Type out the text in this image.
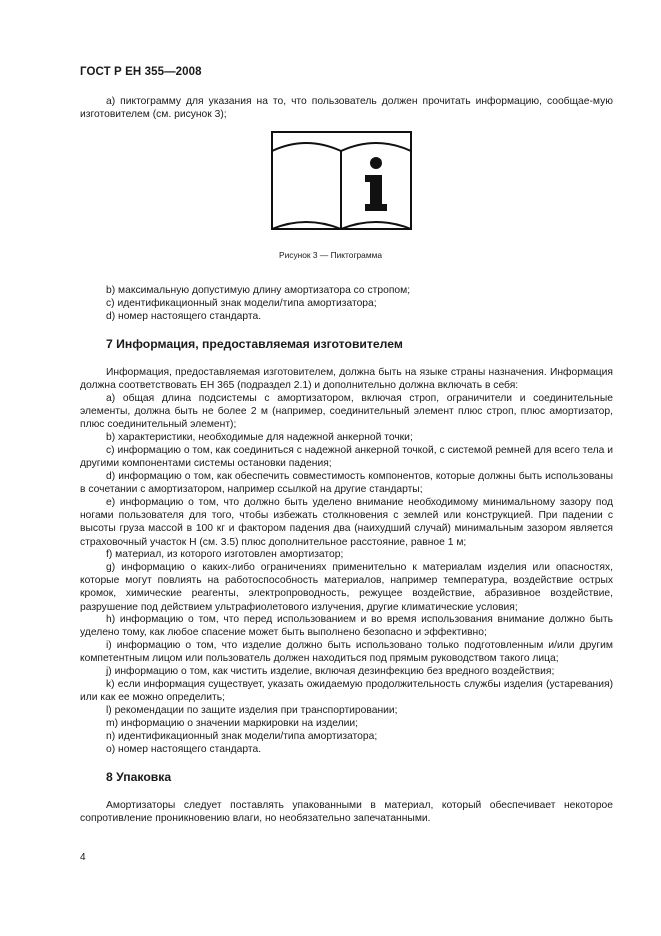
ГОСТ Р ЕН 355—2008
а) пиктограмму для указания на то, что пользователь должен прочитать информацию, сообщае-мую изготовителем (см. рисунок 3);
Рисунок 3 — Пиктограмма
b) максимальную допустимую длину амортизатора со стропом;
c) идентификационный знак модели/типа амортизатора;
d) номер настоящего стандарта.
7 Информация, предоставляемая изготовителем
Информация, предоставляемая изготовителем, должна быть на языке страны назначения. Информация должна соответствовать ЕН 365 (подраздел 2.1) и дополнительно должна включать в себя:
а) общая длина подсистемы с амортизатором, включая строп, ограничители и соединительные элементы, должна быть не более 2 м (например, соединительный элемент плюс строп, плюс амортизатор, плюс соединительный элемент);
b) характеристики, необходимые для надежной анкерной точки;
с) информацию о том, как соединиться с надежной анкерной точкой, с системой ремней для всего тела и другими компонентами системы остановки падения;
d) информацию о том, как обеспечить совместимость компонентов, которые должны быть использованы в сочетании с амортизатором, например ссылкой на другие стандарты;
е) информацию о том, что должно быть уделено внимание необходимому минимальному зазору под ногами пользователя для того, чтобы избежать столкновения с землей или конструкцией. При падении с высоты груза массой в 100 кг и фактором падения два (наихудший случай) минимальным зазором является страховочный участок Н (см. 3.5) плюс дополнительное расстояние, равное 1 м;
f) материал, из которого изготовлен амортизатор;
g) информацию о каких-либо ограничениях применительно к материалам изделия или опасностях, которые могут повлиять на работоспособность материалов, например температура, воздействие острых кромок, химические реагенты, электропроводность, режущее воздействие, абразивное воздействие, разрушение под действием ультрафиолетового излучения, другие климатические условия;
h) информацию о том, что перед использованием и во время использования внимание должно быть уделено тому, как любое спасение может быть выполнено безопасно и эффективно;
i) информацию о том, что изделие должно быть использовано только подготовленным и/или другим компетентным лицом или пользователь должен находиться под прямым руководством такого лица;
j) информацию о том, как чистить изделие, включая дезинфекцию без вредного воздействия;
k) если информация существует, указать ожидаемую продолжительность службы изделия (устаревания) или как ее можно определить;
l) рекомендации по защите изделия при транспортировании;
m) информацию о значении маркировки на изделии;
n) идентификационный знак модели/типа амортизатора;
о) номер настоящего стандарта.
8 Упаковка
Амортизаторы следует поставлять упакованными в материал, который обеспечивает некоторое сопротивление проникновению влаги, но необязательно запечатанными.
4
